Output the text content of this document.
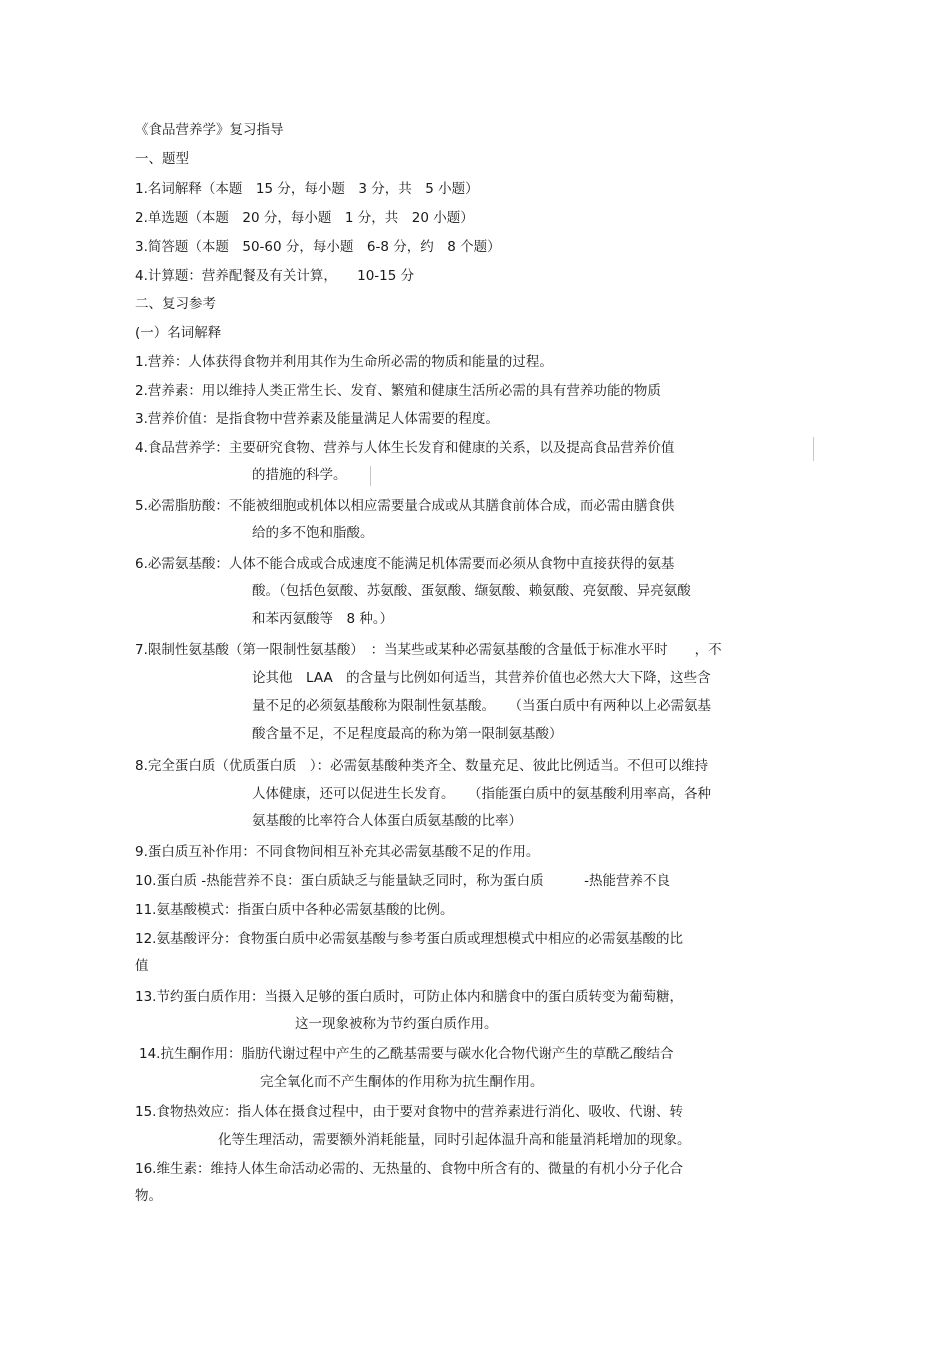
《食品营养学》复习指导
一、题型
1.名词解释（本题　15 分，每小题　3 分，共　5 小题）
2.单选题（本题　20 分，每小题　1 分，共　20 小题）
3.简答题（本题　50-60 分，每小题　6-8 分，约　8 个题）
4.计算题：营养配餐及有关计算，　　10-15 分
二、复习参考
(一）名词解释
1.营养：人体获得食物并利用其作为生命所必需的物质和能量的过程。
2.营养素：用以维持人类正常生长、发育、繁殖和健康生活所必需的具有营养功能的物质
3.营养价值：是指食物中营养素及能量满足人体需要的程度。
4.食品营养学：主要研究食物、营养与人体生长发育和健康的关系，以及提高食品营养价值
的措施的科学。
5.必需脂肪酸：不能被细胞或机体以相应需要量合成或从其膳食前体合成，而必需由膳食供
给的多不饱和脂酸。
6.必需氨基酸：人体不能合成或合成速度不能满足机体需要而必须从食物中直接获得的氨基
酸。（包括色氨酸、苏氨酸、蛋氨酸、缬氨酸、赖氨酸、亮氨酸、异亮氨酸
和苯丙氨酸等　8 种。）
7.限制性氨基酸（第一限制性氨基酸）　：当某些或某种必需氨基酸的含量低于标准水平时　　，不
论其他　LAA　的含量与比例如何适当，其营养价值也必然大大下降，这些含
量不足的必须氨基酸称为限制性氨基酸。　　（当蛋白质中有两种以上必需氨基
酸含量不足，不足程度最高的称为第一限制氨基酸）
8.完全蛋白质（优质蛋白质　）：必需氨基酸种类齐全、数量充足、彼此比例适当。不但可以维持
人体健康，还可以促进生长发育。　　（指能蛋白质中的氨基酸利用率高，各种
氨基酸的比率符合人体蛋白质氨基酸的比率）
9.蛋白质互补作用：不同食物间相互补充其必需氨基酸不足的作用。
10.蛋白质 -热能营养不良：蛋白质缺乏与能量缺乏同时，称为蛋白质　　　-热能营养不良
11.氨基酸模式：指蛋白质中各种必需氨基酸的比例。
12.氨基酸评分：食物蛋白质中必需氨基酸与参考蛋白质或理想模式中相应的必需氨基酸的比
值
13.节约蛋白质作用：当摄入足够的蛋白质时，可防止体内和膳食中的蛋白质转变为葡萄糖，
这一现象被称为节约蛋白质作用。
14.抗生酮作用：脂肪代谢过程中产生的乙酰基需要与碳水化合物代谢产生的草酰乙酸结合
完全氧化而不产生酮体的作用称为抗生酮作用。
15.食物热效应：指人体在摄食过程中，由于要对食物中的营养素进行消化、吸收、代谢、转
化等生理活动，需要额外消耗能量，同时引起体温升高和能量消耗增加的现象。
16.维生素：维持人体生命活动必需的、无热量的、食物中所含有的、微量的有机小分子化合
物。
